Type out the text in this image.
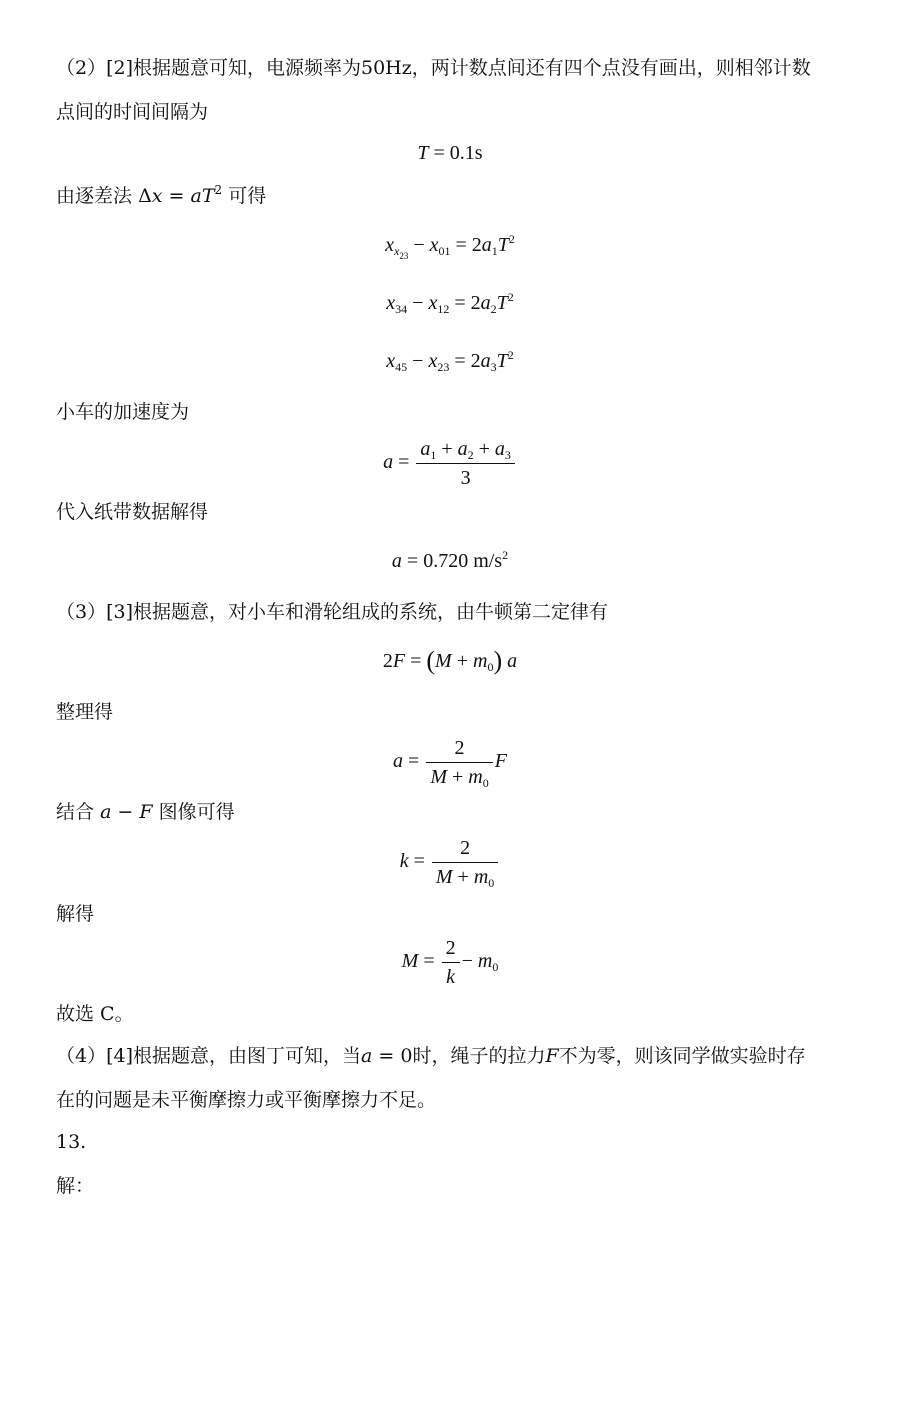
（2）[2]根据题意可知，电源频率为50Hz，两计数点间还有四个点没有画出，则相邻计数
点间的时间间隔为
T = 0.1s
由逐差法 $\Delta x = aT^2$ 可得
$x_{x_{23}} - x_{01} = 2a_1T^2$
$x_{34} - x_{12} = 2a_2T^2$
$x_{45} - x_{23} = 2a_3T^2$
小车的加速度为
$a = \frac{a_1 + a_2 + a_3}{3}$
代入纸带数据解得
a = 0.720 $m/s^2$
（3）[3]根据题意，对小车和滑轮组成的系统，由牛顿第二定律有
$2F = (M + m_0)$ a
整理得
$a = \frac{2}{M + m_0}$ F
结合 a − F 图像可得
$k = \frac{2}{M + m_0}$
解得
$M = \frac{2}{k} - m_0$
故选 C。
（4）[4]根据题意，由图丁可知，当a = 0时，绳子的拉力F不为零，则该同学做实验时存
在的问题是未平衡摩擦力或平衡摩擦力不足。
13.
解：
